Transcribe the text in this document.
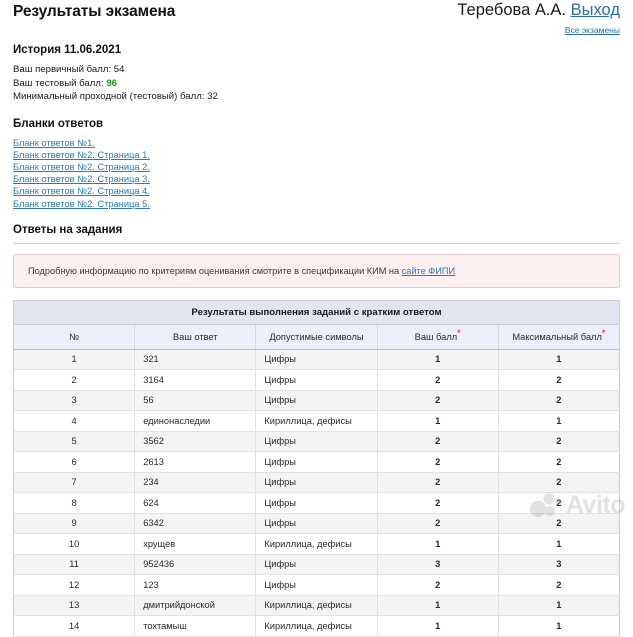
Результаты экзамена	Теребова А.А. Выход
Все экзамены
История 11.06.2021
Ваш первичный балл: 54
Ваш тестовый балл: 96
Минимальный проходной (тестовый) балл: 32
Бланки ответов
Бланк ответов №1.
Бланк ответов №2. Страница 1.
Бланк ответов №2. Страница 2.
Бланк ответов №2. Страница 3.
Бланк ответов №2. Страница 4.
Бланк ответов №2. Страница 5.
Ответы на задания
Подробную информацию по критериям оценивания смотрите в спецификации КИМ на сайте ФИПИ
Результаты выполнения заданий с кратким ответом				
№	Ваш ответ	Допустимые символы	Ваш балл*	Максимальный балл*
1	321	Цифры	1	1
2	3164	Цифры	2	2
3	56	Цифры	2	2
4	единонаследии	Кириллица, дефисы	1	1
5	3562	Цифры	2	2
6	2613	Цифры	2	2
7	234	Цифры	2	2
8	624	Цифры	2	2
9	6342	Цифры	2	2
10	хрущев	Кириллица, дефисы	1	1
11	952436	Цифры	3	3
12	123	Цифры	2	2
13	дмитрийдонской	Кириллица, дефисы	1	1
14	тохтамыш	Кириллица, дефисы	1	1
Avito
